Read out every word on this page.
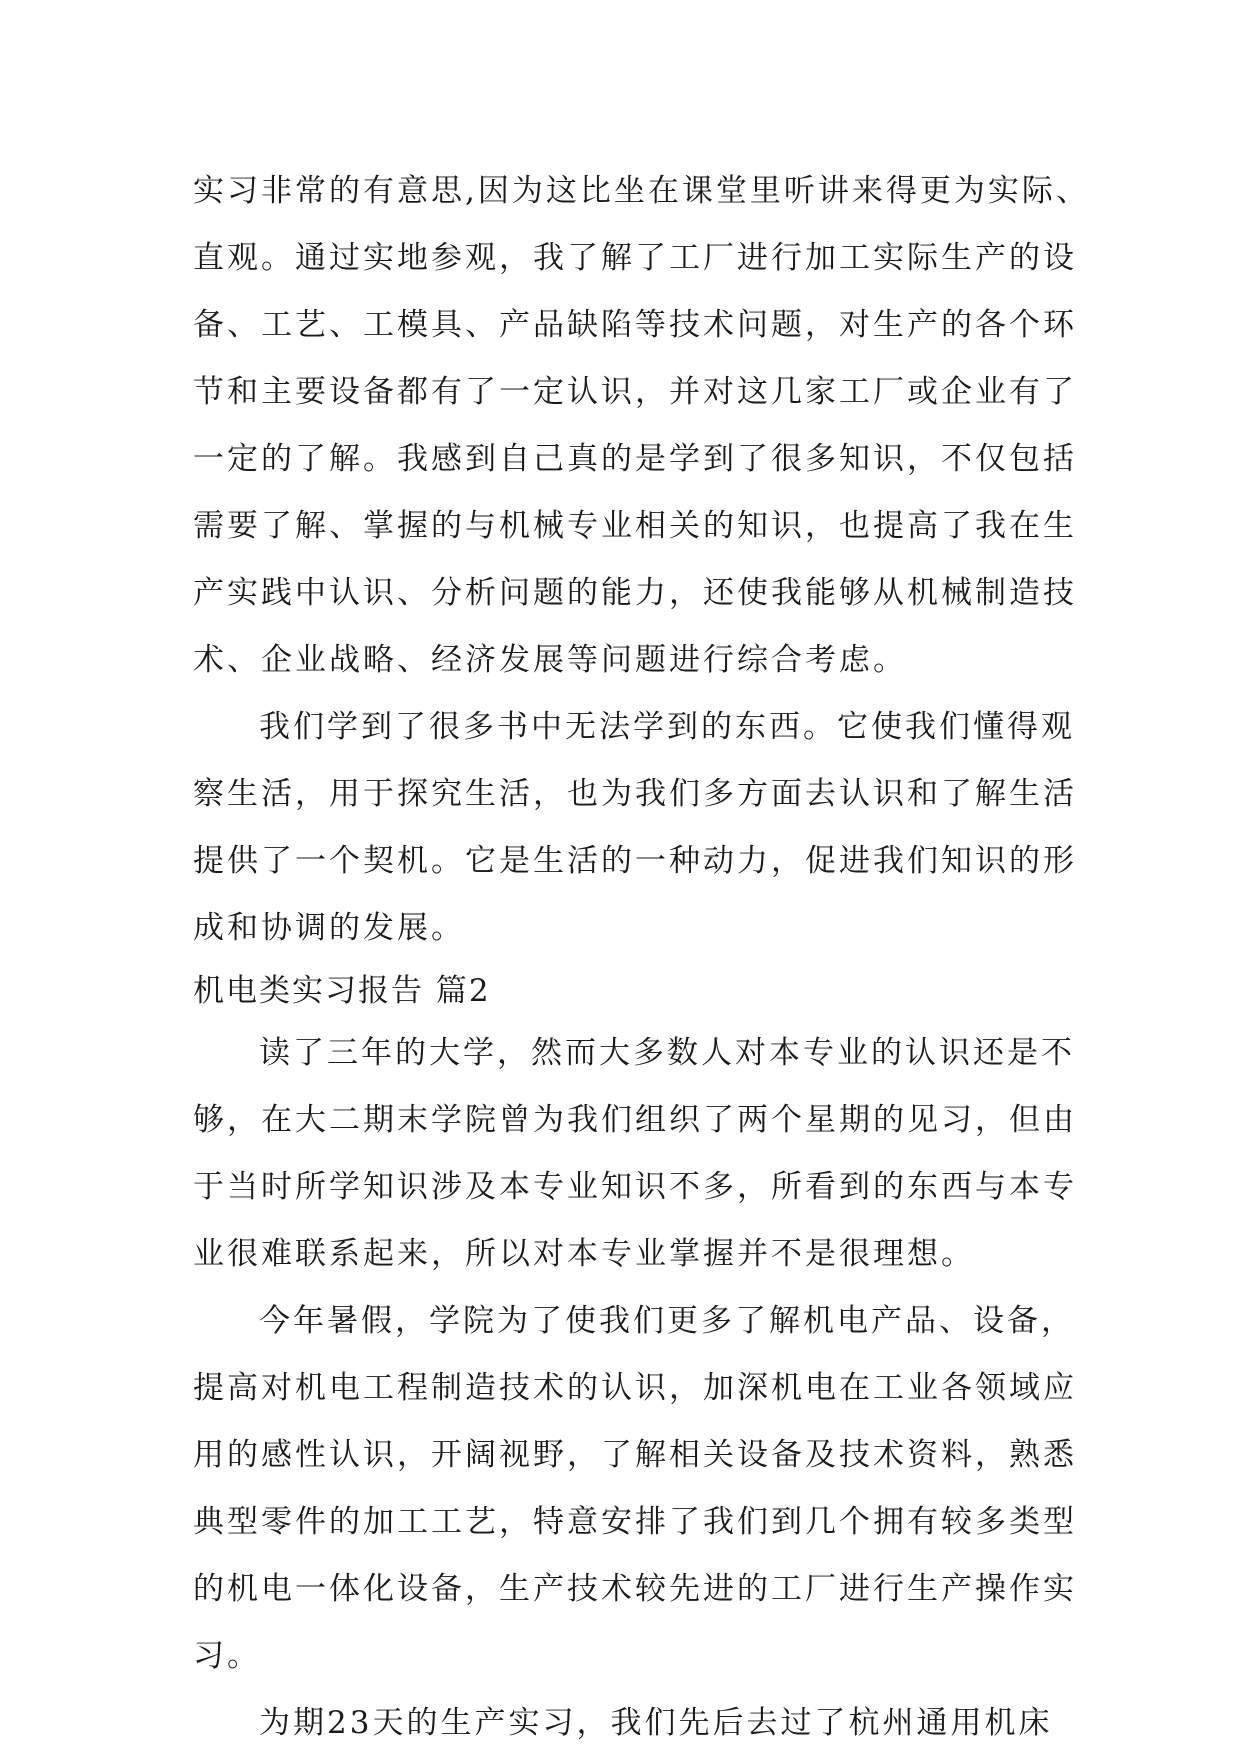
实习非常的有意思,因为这比坐在课堂里听讲来得更为实际、
直观。通过实地参观，我了解了工厂进行加工实际生产的设
备、工艺、工模具、产品缺陷等技术问题，对生产的各个环
节和主要设备都有了一定认识，并对这几家工厂或企业有了
一定的了解。我感到自己真的是学到了很多知识，不仅包括
需要了解、掌握的与机械专业相关的知识，也提高了我在生
产实践中认识、分析问题的能力，还使我能够从机械制造技
术、企业战略、经济发展等问题进行综合考虑。
我们学到了很多书中无法学到的东西。它使我们懂得观
察生活，用于探究生活，也为我们多方面去认识和了解生活
提供了一个契机。它是生活的一种动力，促进我们知识的形
成和协调的发展。
机电类实习报告 篇2
读了三年的大学，然而大多数人对本专业的认识还是不
够，在大二期末学院曾为我们组织了两个星期的见习，但由
于当时所学知识涉及本专业知识不多，所看到的东西与本专
业很难联系起来，所以对本专业掌握并不是很理想。
今年暑假，学院为了使我们更多了解机电产品、设备，
提高对机电工程制造技术的认识，加深机电在工业各领域应
用的感性认识，开阔视野，了解相关设备及技术资料，熟悉
典型零件的加工工艺，特意安排了我们到几个拥有较多类型
的机电一体化设备，生产技术较先进的工厂进行生产操作实
习。
为期23天的生产实习，我们先后去过了杭州通用机床
